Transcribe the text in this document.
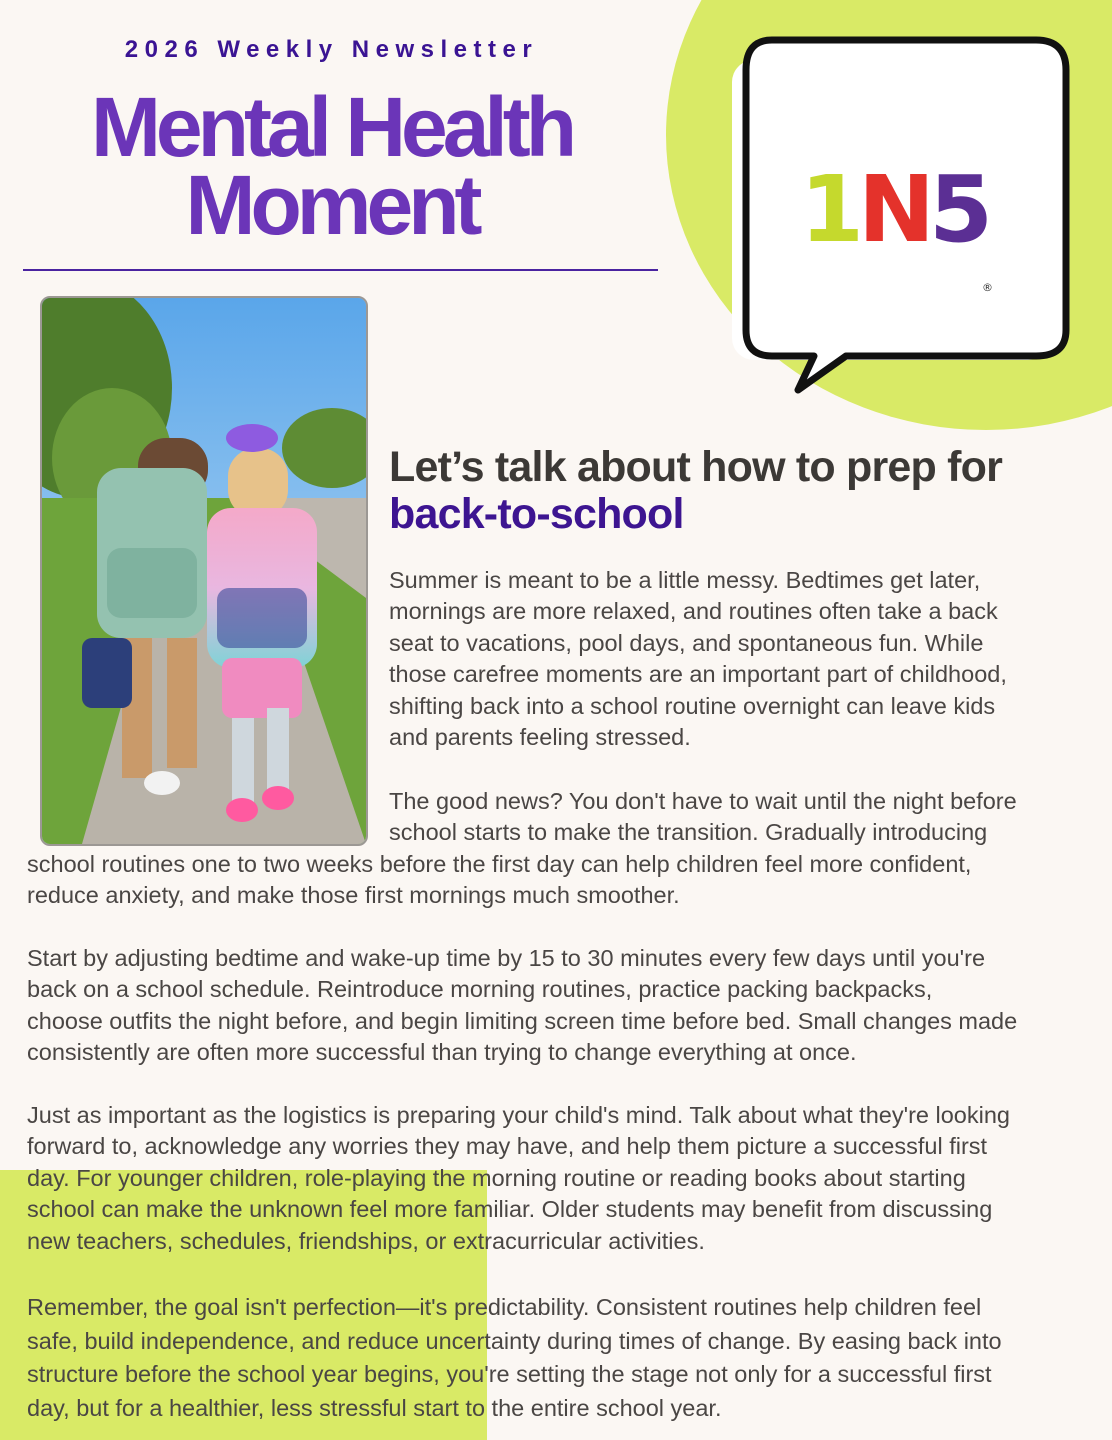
1N5
®
2026 Weekly Newsletter
Mental Health
Moment
Let’s talk about how to prep for
back-to-school

Summer is meant to be a little messy. Bedtimes get later,
mornings are more relaxed, and routines often take a back
seat to vacations, pool days, and spontaneous fun. While
those carefree moments are an important part of childhood,
shifting back into a school routine overnight can leave kids
and parents feeling stressed.

The good news? You don't have to wait until the night before
school starts to make the transition. Gradually introducing

school routines one to two weeks before the first day can help children feel more confident,
reduce anxiety, and make those first mornings much smoother.

Start by adjusting bedtime and wake-up time by 15 to 30 minutes every few days until you're
back on a school schedule. Reintroduce morning routines, practice packing backpacks,
choose outfits the night before, and begin limiting screen time before bed. Small changes made
consistently are often more successful than trying to change everything at once.

Just as important as the logistics is preparing your child's mind. Talk about what they're looking
forward to, acknowledge any worries they may have, and help them picture a successful first
day. For younger children, role-playing the morning routine or reading books about starting
school can make the unknown feel more familiar. Older students may benefit from discussing
new teachers, schedules, friendships, or extracurricular activities.

Remember, the goal isn't perfection—it's predictability. Consistent routines help children feel
safe, build independence, and reduce uncertainty during times of change. By easing back into
structure before the school year begins, you're setting the stage not only for a successful first
day, but for a healthier, less stressful start to the entire school year.
